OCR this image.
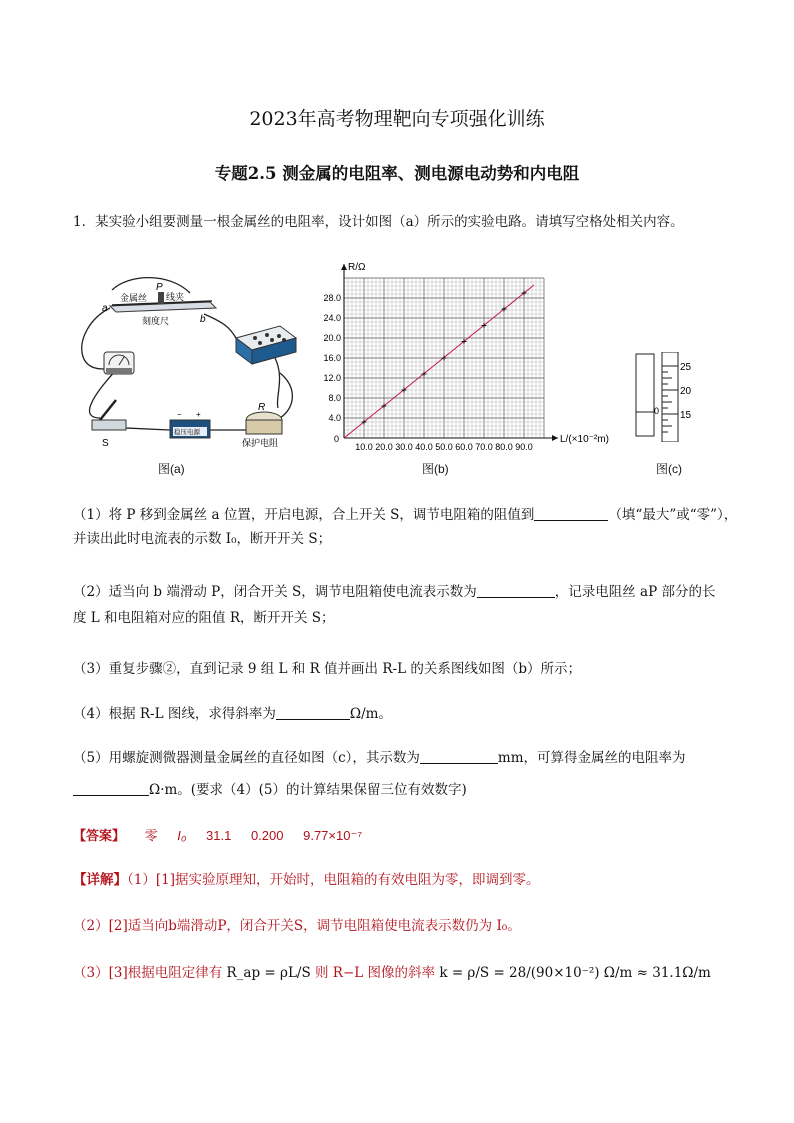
2023年高考物理靶向专项强化训练
专题2.5 测金属的电阻率、测电源电动势和内电阻
1．某实验小组要测量一根金属丝的电阻率，设计如图（a）所示的实验电路。请填写空格处相关内容。
金属丝
P
线夹
a
b
刻度尺
S
稳压电源
− +
R
保护电阻
图(a)
10.0 20.0 30.0 40.0 50.0 60.0 70.0 80.0 90.0
4.0
8.0
12.0
16.0
20.0
24.0
28.0
L/(×10⁻²m)
R/Ω
0
图(b)
25
20
15
0
图(c)
（1）将 P 移到金属丝 a 位置，开启电源，合上开关 S，调节电阻箱的阻值到	（填“最大”或“零”），
并读出此时电流表的示数 I₀，断开开关 S；
（2）适当向 b 端滑动 P，闭合开关 S，调节电阻箱使电流表示数为	，记录电阻丝 aP 部分的长
度 L 和电阻箱对应的阻值 R，断开开关 S；
（3）重复步骤②，直到记录 9 组 L 和 R 值并画出 R-L 的关系图线如图（b）所示；
（4）根据 R-L 图线，求得斜率为	Ω/m。
（5）用螺旋测微器测量金属丝的直径如图（c），其示数为	mm，可算得金属丝的电阻率为
Ω·m。(要求（4）(5）的计算结果保留三位有效数字)
【答案】 零 I₀ 31.1 0.200 9.77×10⁻⁷
【详解】（1）[1]据实验原理知，开始时，电阻箱的有效电阻为零，即调到零。
（2）[2]适当向b端滑动P，闭合开关S，调节电阻箱使电流表示数仍为 I₀。
（3）[3]根据电阻定律有 R_ap = ρL/S 则 R−L 图像的斜率 k = ρ/S = 28/(90×10⁻²) Ω/m ≈ 31.1Ω/m
